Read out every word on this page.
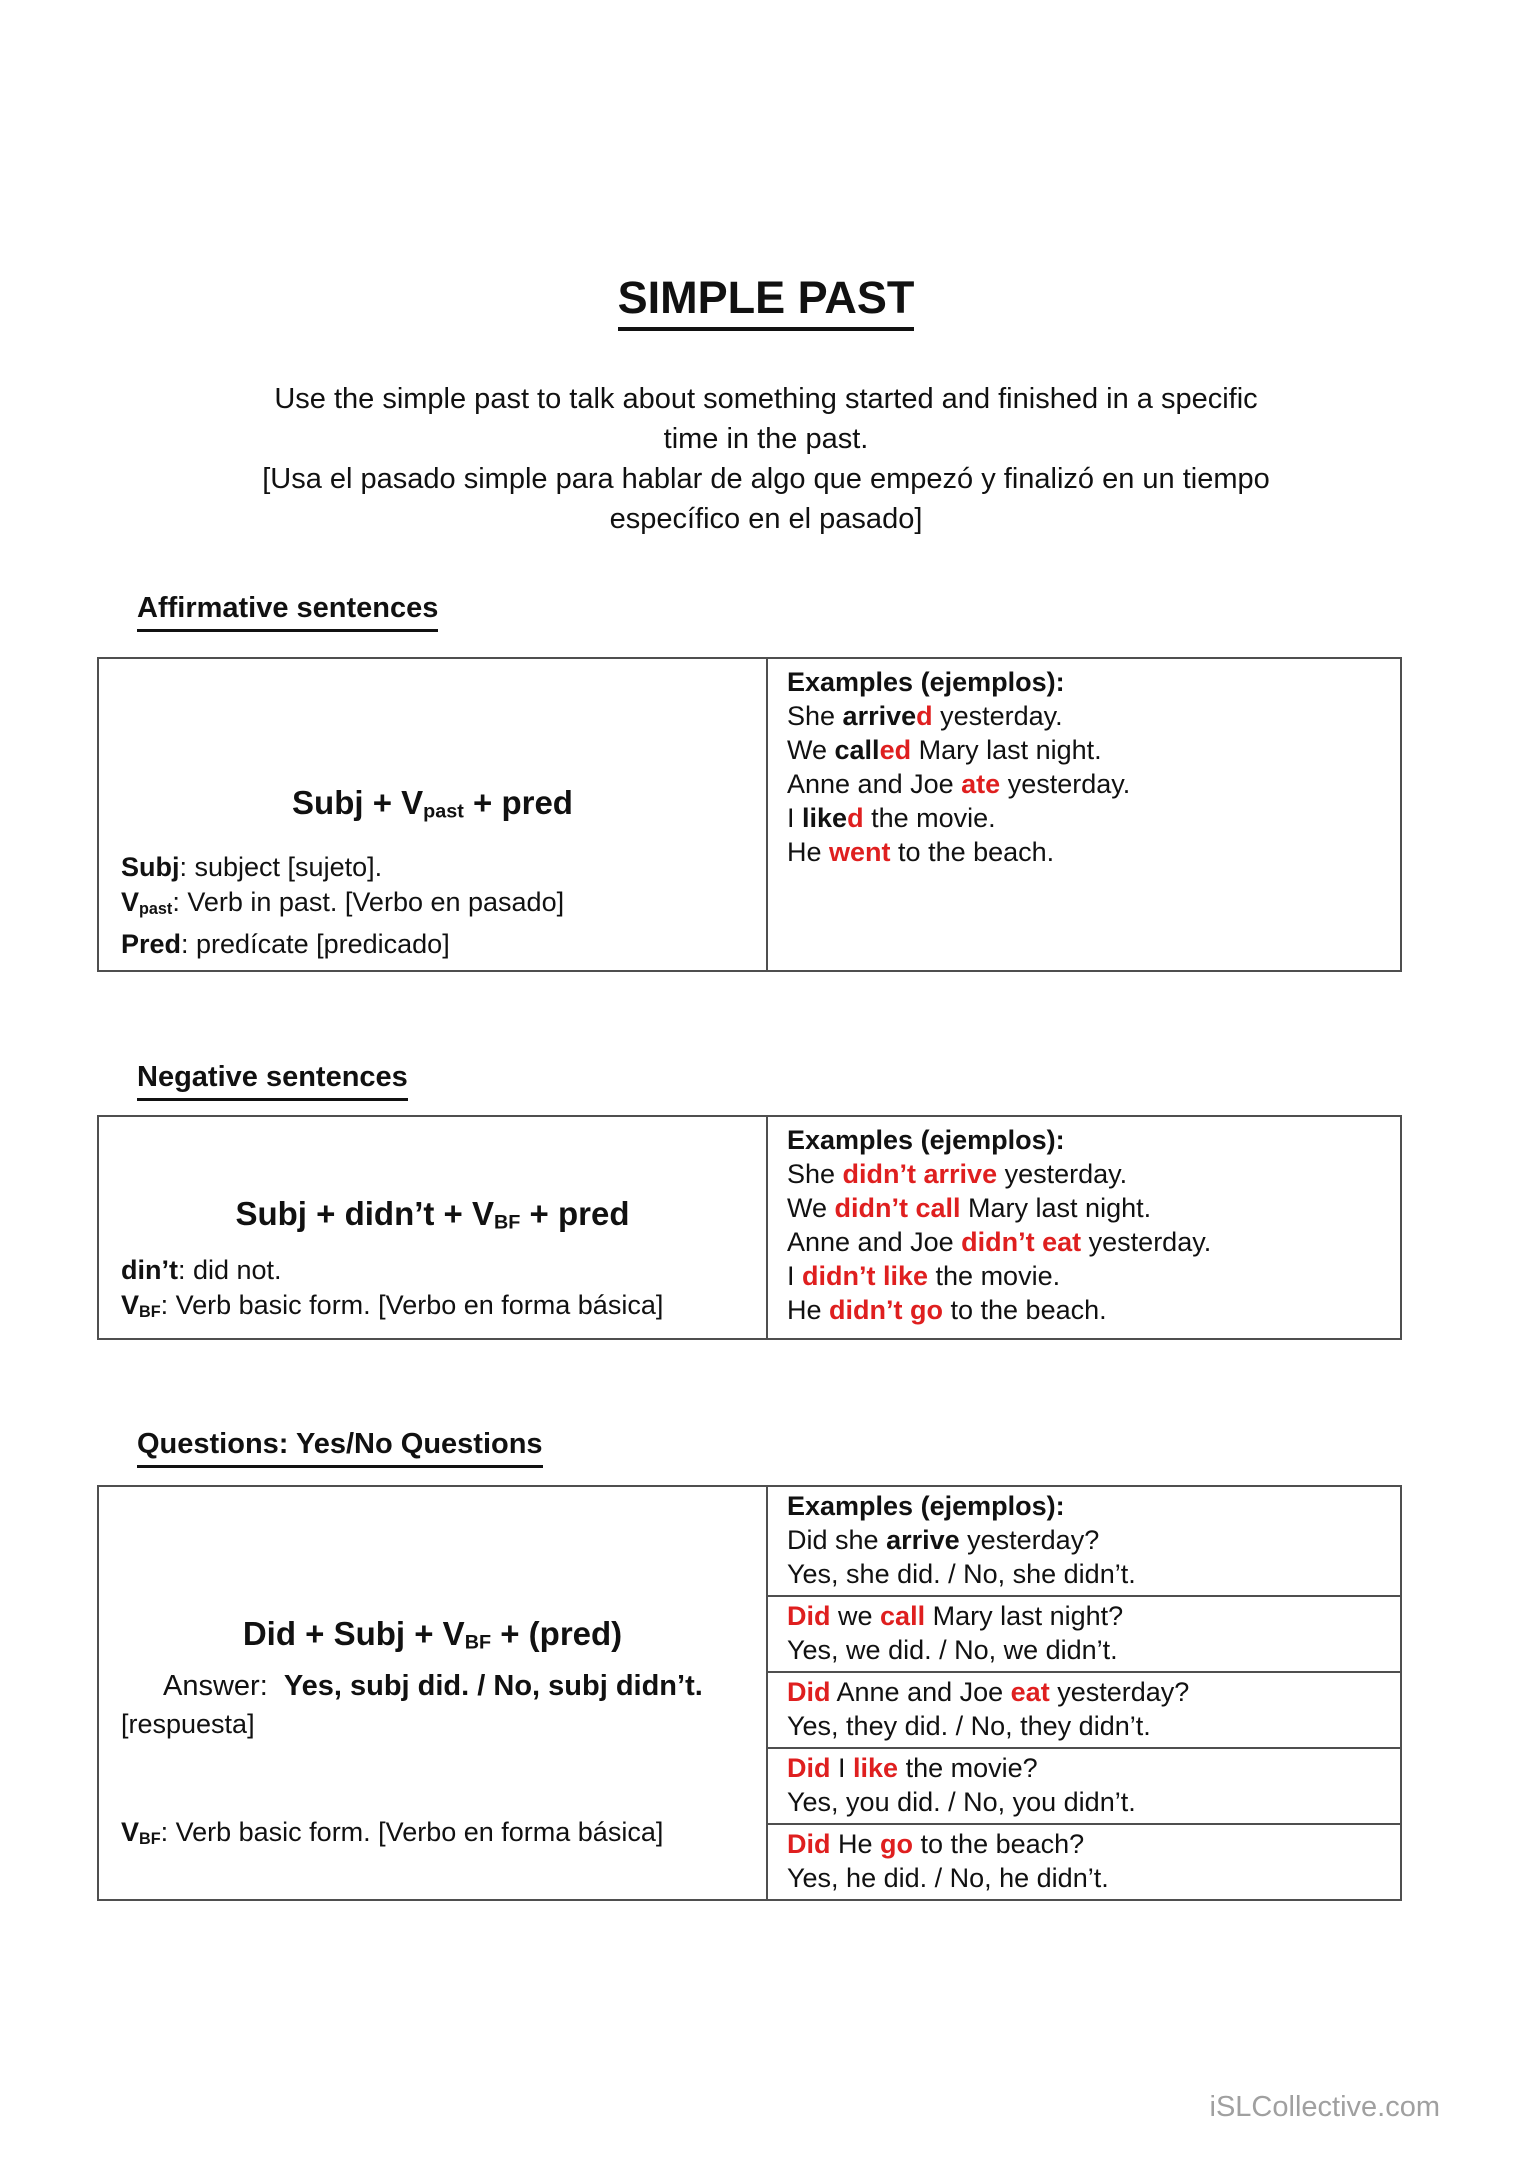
SIMPLE PAST
Use the simple past to talk about something started and finished in a specific
time in the past.
[Usa el pasado simple para hablar de algo que empezó y finalizó en un tiempo
específico en el pasado]
Affirmative sentences
Subj + Vpast + pred
Subj: subject [sujeto].
Vpast: Verb in past. [Verbo en pasado]
Pred: predícate [predicado]
Examples (ejemplos):
She arrived yesterday.
We called Mary last night.
Anne and Joe ate yesterday.
I liked the movie.
He went to the beach.
Negative sentences
Subj + didn’t + VBF + pred
din’t: did not.
VBF: Verb basic form. [Verbo en forma básica]
Examples (ejemplos):
She didn’t arrive yesterday.
We didn’t call Mary last night.
Anne and Joe didn’t eat yesterday.
I didn’t like the movie.
He didn’t go to the beach.
Questions: Yes/No Questions
Did + Subj + VBF + (pred)
Answer:  Yes, subj did. / No, subj didn’t.
[respuesta]
VBF: Verb basic form. [Verbo en forma básica]
Examples (ejemplos):
Did she arrive yesterday?
Yes, she did. / No, she didn’t.
Did we call Mary last night?
Yes, we did. / No, we didn’t.
Did Anne and Joe eat yesterday?
Yes, they did. / No, they didn’t.
Did I like the movie?
Yes, you did. / No, you didn’t.
Did He go to the beach?
Yes, he did. / No, he didn’t.
iSLCollective.com
